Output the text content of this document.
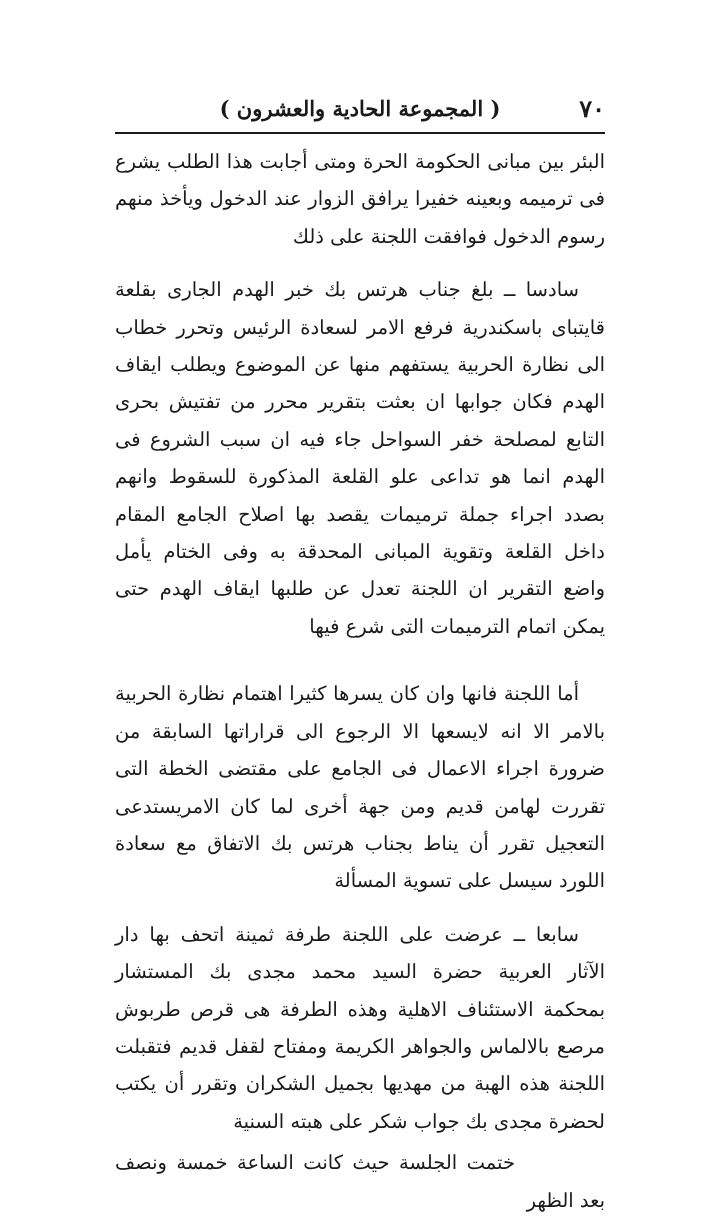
٧٠
( المجموعة الحادية والعشرون )

البئر بين مبانى الحكومة الحرة ومتى أجابت هذا الطلب يشرع فى ترميمه وبعينه خفيرا يرافق الزوار عند الدخول ويأخذ منهم رسوم الدخول فوافقت اللجنة على ذلك

سادسا ــ بلغ جناب هرتس بك خبر الهدم الجارى بقلعة قايتباى باسكندرية فرفع الامر لسعادة الرئيس وتحرر خطاب الى نظارة الحربية يستفهم منها عن الموضوع ويطلب ايقاف الهدم فكان جوابها ان بعثت بتقرير محرر من تفتيش بحرى التابع لمصلحة خفر السواحل جاء فيه ان سبب الشروع فى الهدم انما هو تداعى علو القلعة المذكورة للسقوط وانهم بصدد اجراء جملة ترميمات يقصد بها اصلاح الجامع المقام داخل القلعة وتقوية المبانى المحدقة به وفى الختام يأمل واضع التقرير ان اللجنة تعدل عن طلبها ايقاف الهدم حتى يمكن اتمام الترميمات التى شرع فيها

أما اللجنة فانها وان كان يسرها كثيرا اهتمام نظارة الحربية بالامر الا انه لايسعها الا الرجوع الى قراراتها السابقة من ضرورة اجراء الاعمال فى الجامع على مقتضى الخطة التى تقررت لهامن قديم ومن جهة أخرى لما كان الامريستدعى التعجيل تقرر أن يناط بجناب هرتس بك الاتفاق مع سعادة اللورد سيسل على تسوية المسألة

سابعا ــ عرضت على اللجنة طرفة ثمينة اتحف بها دار الآثار العربية حضرة السيد محمد مجدى بك المستشار بمحكمة الاستئناف الاهلية وهذه الطرفة هى قرص طربوش مرصع بالالماس والجواهر الكريمة ومفتاح لقفل قديم فتقبلت اللجنة هذه الهبة من مهديها بجميل الشكران وتقرر أن يكتب لحضرة مجدى بك جواب شكر على هبته السنية

ختمت الجلسة حيث كانت الساعة خمسة ونصف بعد الظهر
